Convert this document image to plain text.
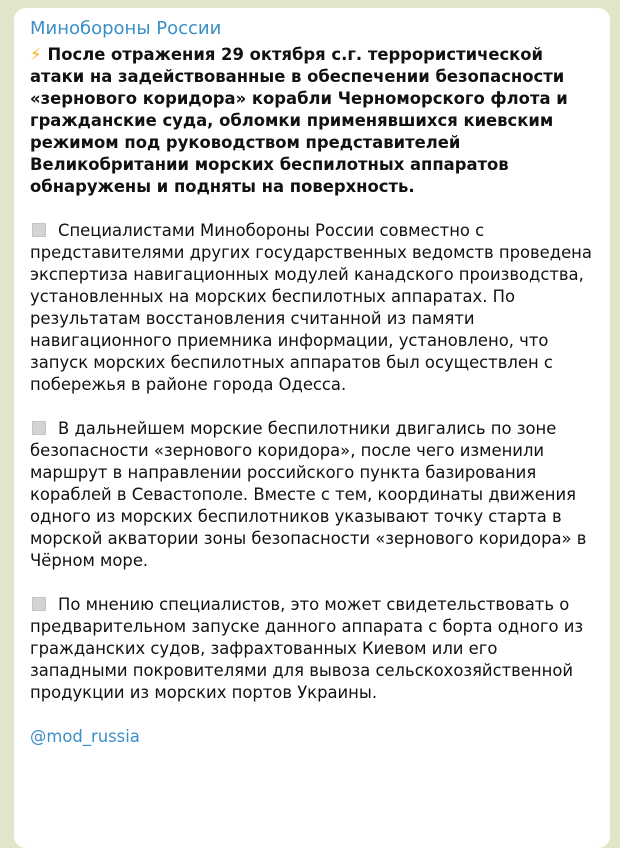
Минобороны России

⚡ После отражения 29 октября с.г. террористической атаки на задействованные в обеспечении безопасности «зернового коридора» корабли Черноморского флота и гражданские суда, обломки применявшихся киевским режимом под руководством представителей Великобритании морских беспилотных аппаратов обнаружены и подняты на поверхность.

Специалистами Минобороны России совместно с представителями других государственных ведомств проведена экспертиза навигационных модулей канадского производства, установленных на морских беспилотных аппаратах. По результатам восстановления считанной из памяти навигационного приемника информации, установлено, что запуск морских беспилотных аппаратов был осуществлен с побережья в районе города Одесса.

В дальнейшем морские беспилотники двигались по зоне безопасности «зернового коридора», после чего изменили маршрут в направлении российского пункта базирования кораблей в Севастополе. Вместе с тем, координаты движения одного из морских беспилотников указывают точку старта в морской акватории зоны безопасности «зернового коридора» в Чёрном море.

По мнению специалистов, это может свидетельствовать о предварительном запуске данного аппарата с борта одного из гражданских судов, зафрахтованных Киевом или его западными покровителями для вывоза сельскохозяйственной продукции из морских портов Украины.

@mod_russia
